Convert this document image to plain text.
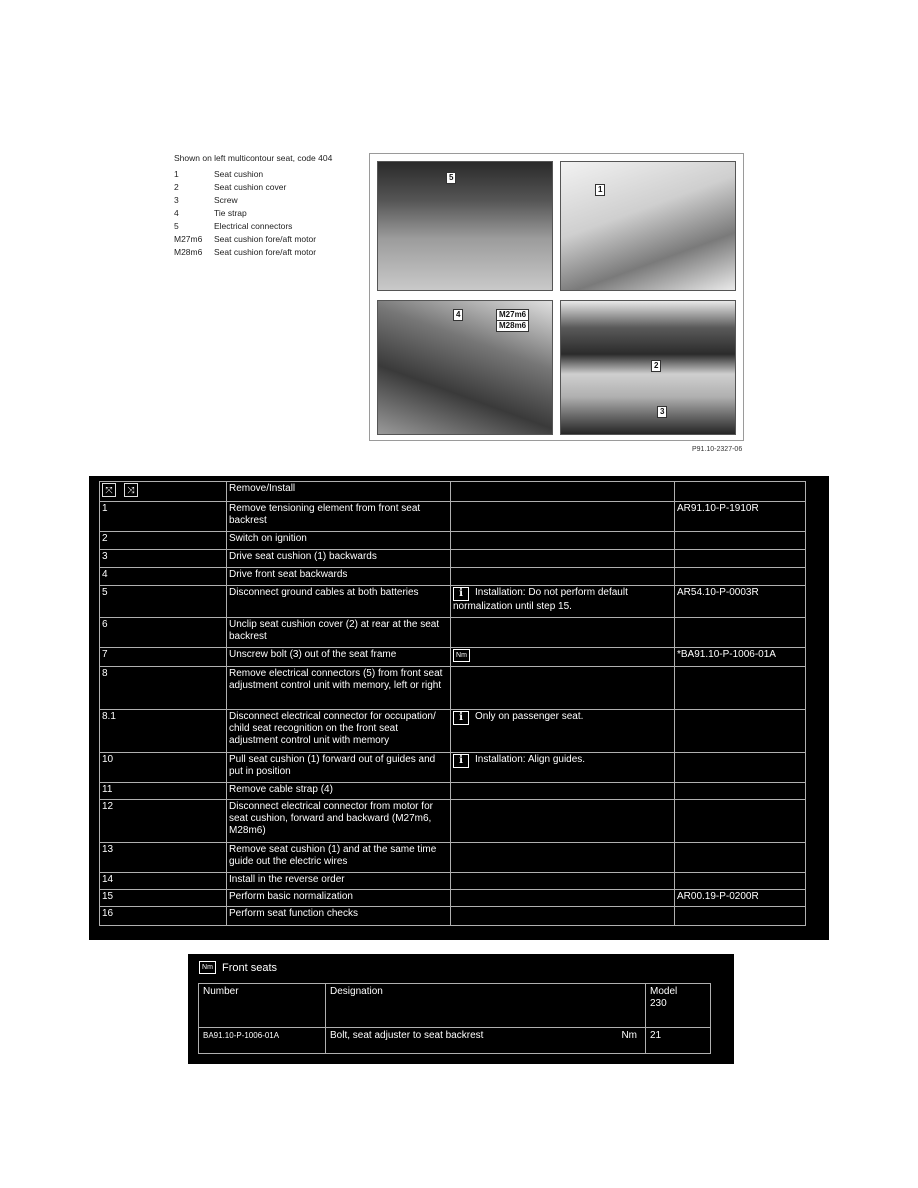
Shown on left multicontour seat, code 404
1	Seat cushion
2	Seat cushion cover
3	Screw
4	Tie strap
5	Electrical connectors
M27m6	Seat cushion fore/aft motor
M28m6	Seat cushion fore/aft motor
5
1
4	M27m6
M28m6
2
3
P91.10-2327-06
⤧ ⤨	Remove/Install		
1	Remove tensioning element from front seat backrest		AR91.10-P-1910R
2	Switch on ignition		
3	Drive seat cushion (1) backwards		
4	Drive front seat backwards		
5	Disconnect ground cables at both batteries	i Installation: Do not perform default normalization until step 15.	AR54.10-P-0003R
6	Unclip seat cushion cover (2) at rear at the seat backrest		
7	Unscrew bolt (3) out of the seat frame	Nm	*BA91.10-P-1006-01A
8	Remove electrical connectors (5) from front seat adjustment control unit with memory, left or right		
8.1	Disconnect electrical connector for occupation/ child seat recognition on the front seat adjustment control unit with memory	i Only on passenger seat.	
10	Pull seat cushion (1) forward out of guides and put in position	i Installation: Align guides.	
11	Remove cable strap (4)		
12	Disconnect electrical connector from motor for seat cushion, forward and backward (M27m6, M28m6)		
13	Remove seat cushion (1) and at the same time guide out the electric wires		
14	Install in the reverse order		
15	Perform basic normalization		AR00.19-P-0200R
16	Perform seat function checks		
Nm Front seats
Number	Designation	Model
230

BA91.10-P-1006-01A	Bolt, seat adjuster to seat backrest Nm	21
